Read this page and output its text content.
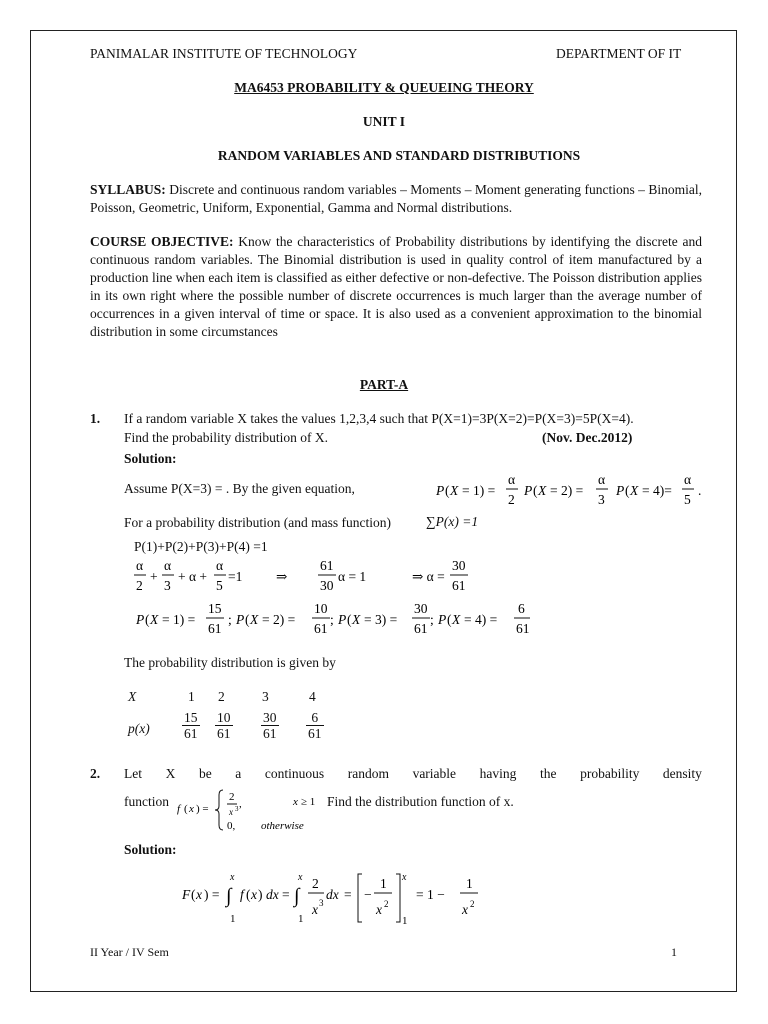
PANIMALAR INSTITUTE OF TECHNOLOGY	DEPARTMENT OF IT
MA6453 PROBABILITY & QUEUEING THEORY
UNIT I
RANDOM VARIABLES AND STANDARD DISTRIBUTIONS
SYLLABUS: Discrete and continuous random variables – Moments – Moment generating functions – Binomial, Poisson, Geometric, Uniform, Exponential, Gamma and Normal distributions.
COURSE OBJECTIVE: Know the characteristics of Probability distributions by identifying the discrete and continuous random variables. The Binomial distribution is used in quality control of item manufactured by a production line when each item is classified as either defective or non-defective. The Poisson distribution applies in its own right where the possible number of discrete occurrences is much larger than the average number of occurrences in a given interval of time or space. It is also used as a convenient approximation to the binomial distribution in some circumstances
PART-A
1. If a random variable X takes the values 1,2,3,4 such that P(X=1)=3P(X=2)=P(X=3)=5P(X=4).
Find the probability distribution of X.	(Nov. Dec.2012)
Solution:
Assume P(X=3) = . By the given equation,	P ( X = 1) =
α
2
P ( X = 2) =
α
3
P ( X = 4)=
α
5
.
For a probability distribution (and mass function)	∑P(x) =1
P(1)+P(2)+P(3)+P(4) =1
α
2
+
α
3
+ α +
α
5
=1 ⇒
61
30
α = 1	⇒ α =
30
61
P ( X = 1) =
15
61
; P ( X = 2) =
10
61
; P ( X = 3) =
30
61
; P ( X = 4) =
6
61
The probability distribution is given by
X	1 2	3	4
$p(x) \frac{15}{61} \frac{10}{61} \frac{30}{61} \frac{6}{61}$
2. Let X be a continuous random variable having the probability density
function f ( x ) =
2
x 3 ,	x ≥ 1
0, otherwise
Find the distribution function of x.
Solution:
F ( x ) =
x
∫
1
f ( x ) dx =
x
∫
1
2
x 3
dx = −
1
x 2
x
1
= 1 −
1
x 2
II Year / IV Sem	1
